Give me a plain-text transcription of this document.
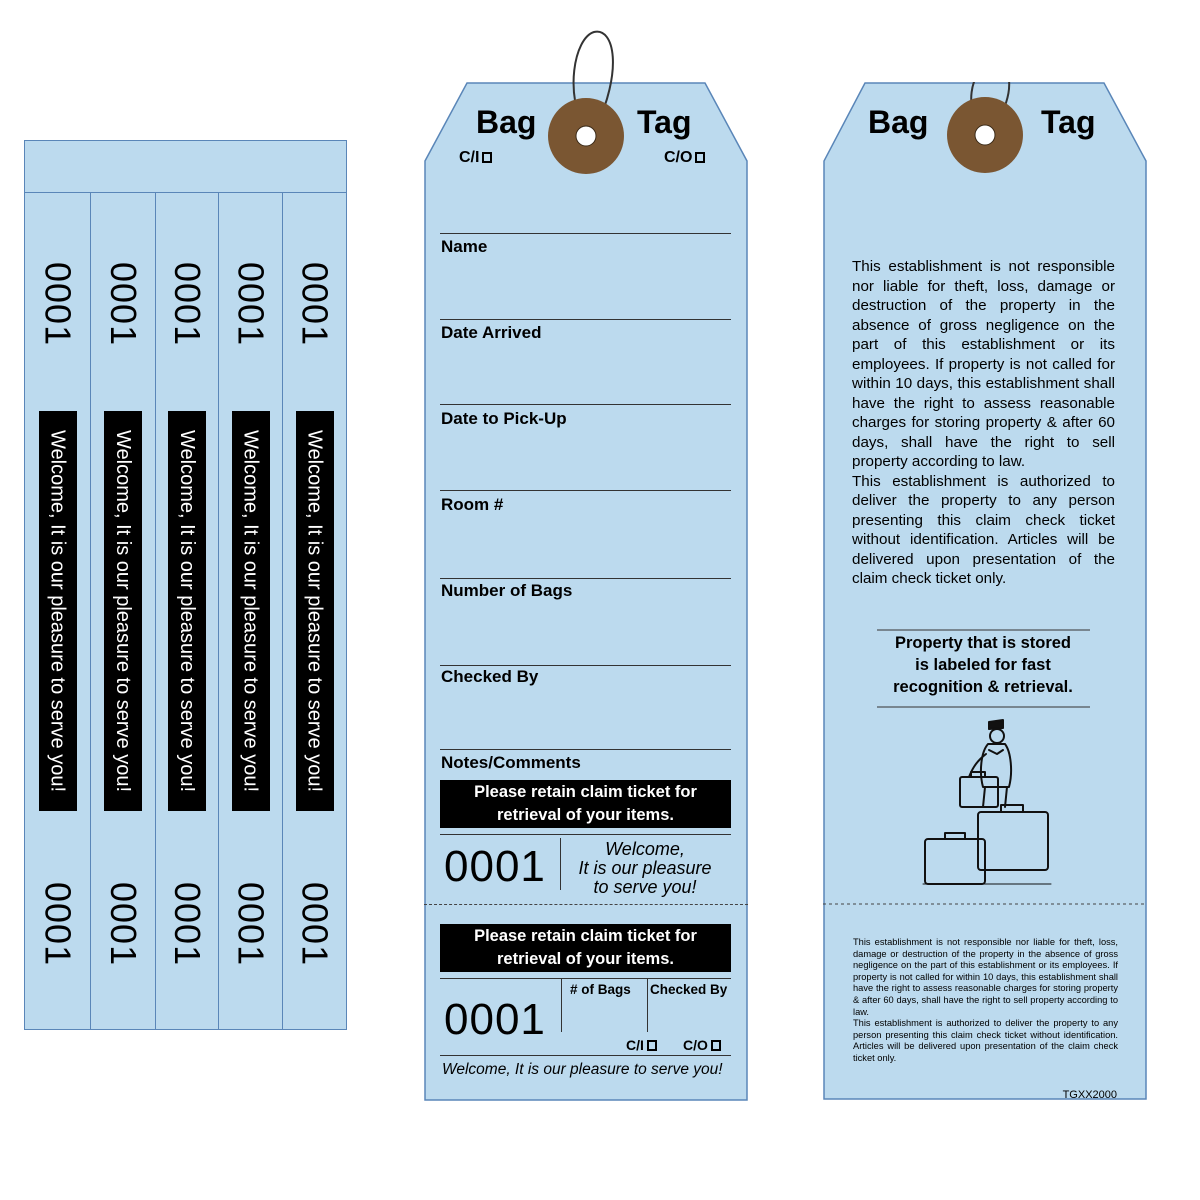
0001
Welcome, It is our pleasure to serve you!
0001
0001
Welcome, It is our pleasure to serve you!
0001
0001
Welcome, It is our pleasure to serve you!
0001
0001
Welcome, It is our pleasure to serve you!
0001
0001
Welcome, It is our pleasure to serve you!
0001
Bag	Tag
C/I	C/O
Name
Date Arrived
Date to Pick-Up
Room #
Number of Bags
Checked By
Notes/Comments
Please retain claim ticket for
retrieval of your items.
0001	Welcome,
It is our pleasure
to serve you!
Please retain claim ticket for
retrieval of your items.
0001
# of Bags Checked By
C/I	C/O
Welcome, It is our pleasure to serve you!
Bag	Tag
This establishment is not responsible nor liable for theft, loss, damage or destruction of the property in the absence of gross negligence on the part of this establishment or its employees. If property is not called for within 10 days, this establishment shall have the right to assess reasonable charges for storing property & after 60 days, shall have the right to sell property according to law.
This establishment is authorized to deliver the property to any person presenting this claim check ticket without identification. Articles will be delivered upon presentation of the claim check ticket only.
Property that is stored
is labeled for fast
recognition & retrieval.
This establishment is not responsible nor liable for theft, loss, damage or destruction of the property in the absence of gross negligence on the part of this establishment or its employees. If property is not called for within 10 days, this establishment shall have the right to assess reasonable charges for storing property & after 60 days, shall have the right to sell property according to law.
This establishment is authorized to deliver the property to any person presenting this claim check ticket without identification. Articles will be delivered upon presentation of the claim check ticket only.
TGXX2000
